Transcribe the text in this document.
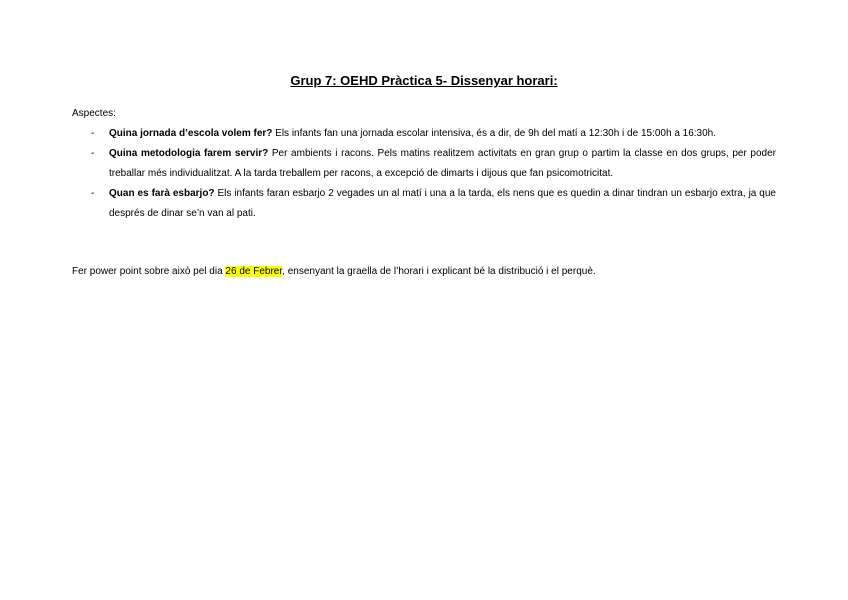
Grup 7: OEHD Pràctica 5- Dissenyar horari:
Aspectes:
- Quina jornada d’escola volem fer? Els infants fan una jornada escolar intensiva, és a dir, de 9h del matí a 12:30h i de 15:00h a 16:30h.
- Quina metodologia farem servir? Per ambients i racons. Pels matins realitzem activitats en gran grup o partim la classe en dos grups, per poder treballar més individualitzat. A la tarda treballem per racons, a excepció de dimarts i dijous que fan psicomotricitat.
- Quan es farà esbarjo? Els infants faran esbarjo 2 vegades un al matí i una a la tarda, els nens que es quedin a dinar tindran un esbarjo extra, ja que després de dinar se’n van al pati.
Fer power point sobre això pel dia 26 de Febrer, ensenyant la graella de l’horari i explicant bé la distribució i el perquè.
